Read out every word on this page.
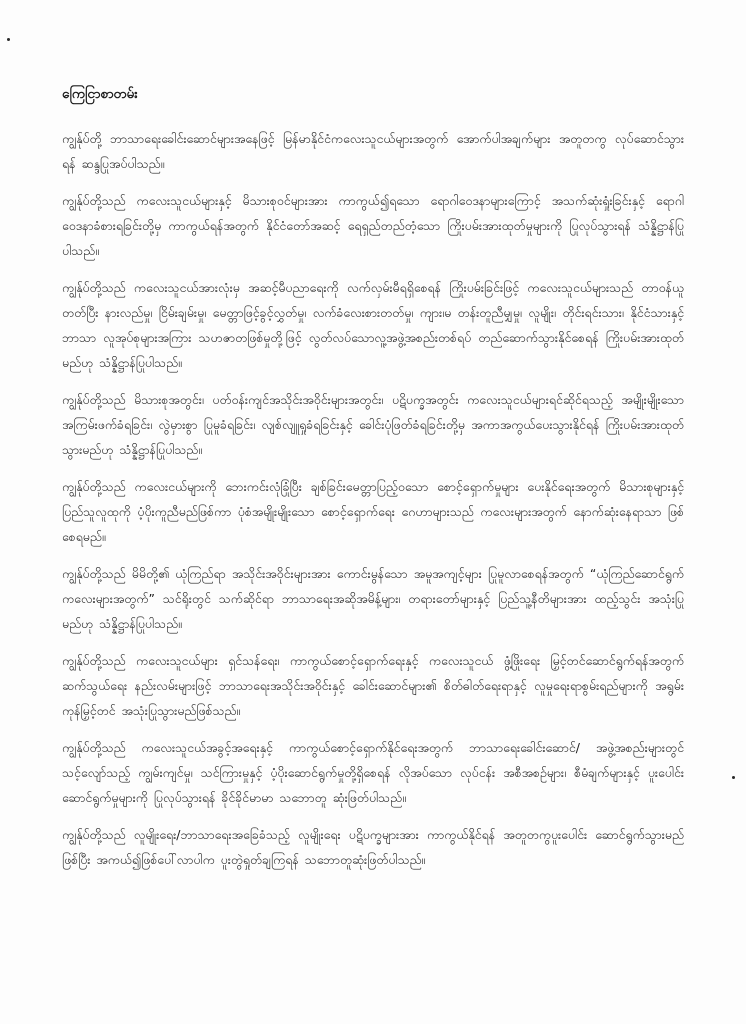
ကြေငြာစာတမ်း

ကျွန်ုပ်တို့ ဘာသာရေးခေါင်းဆောင်များအနေဖြင့် မြန်မာနိုင်ငံကလေးသူငယ်များအတွက် အောက်ပါအချက်များ အတူတကွ လုပ်ဆောင်သွားရန် ဆန္ဒပြုအပ်ပါသည်။

ကျွန်ုပ်တို့သည် ကလေးသူငယ်များနှင့် မိသားစုဝင်များအား ကာကွယ်၍ရသော ရောဂါဝေဒနာများကြောင့် အသက်ဆုံးရှုံးခြင်းနှင့် ရောဂါဝေဒနာခံစားရခြင်းတို့မှ ကာကွယ်ရန်အတွက် နိုင်ငံတော်အဆင့် ရေရှည်တည်တံ့သော ကြိုးပမ်းအားထုတ်မှုများကို ပြုလုပ်သွားရန် သံန္နိဋ္ဌာန်ပြုပါသည်။

ကျွန်ုပ်တို့သည် ကလေးသူငယ်အားလုံးမှ အဆင့်မီပညာရေးကို လက်လှမ်းမီရရှိစေရန် ကြိုးပမ်းခြင်းဖြင့် ကလေးသူငယ်များသည် တာဝန်ယူတတ်ပြီး နားလည်မှု၊ ငြိမ်းချမ်းမှု၊ မေတ္တာဖြင့်ခွင့်လွှတ်မှု၊ လက်ခံလေးစားတတ်မှု၊ ကျား၊မ တန်းတူညီမျှမှု၊ လူမျိုး၊ တိုင်းရင်းသား၊ နိုင်ငံသားနှင့် ဘာသာ လူအုပ်စုများအကြား သဟဇာတဖြစ်မှုတို့ဖြင့် လွတ်လပ်သောလူ့အဖွဲ့အစည်းတစ်ရပ် တည်ဆောက်သွားနိုင်စေရန် ကြိုးပမ်းအားထုတ်မည်ဟု သံန္နိဋ္ဌာန်ပြုပါသည်။

ကျွန်ုပ်တို့သည် မိသားစုအတွင်း၊ ပတ်ဝန်းကျင်အသိုင်းအဝိုင်းများအတွင်း၊ ပဋိပက္ခအတွင်း ကလေးသူငယ်များရင်ဆိုင်ရသည့် အမျိုးမျိုးသော အကြမ်းဖက်ခံရခြင်း၊ လွဲမှားစွာ ပြုမူခံရခြင်း၊ လျစ်လျူရှုခံရခြင်းနှင့် ခေါင်းပုံဖြတ်ခံရခြင်းတို့မှ အကာအကွယ်ပေးသွားနိုင်ရန် ကြိုးပမ်းအားထုတ်သွားမည်ဟု သံန္နိဋ္ဌာန်ပြုပါသည်။

ကျွန်ုပ်တို့သည် ကလေးငယ်များကို ဘေးကင်းလုံခြုံပြီး ချစ်ခြင်းမေတ္တာပြည့်ဝသော စောင့်ရှောက်မှုများ ပေးနိုင်ရေးအတွက် မိသားစုများနှင့် ပြည်သူလူထုကို ပံ့ပိုးကူညီမည်ဖြစ်ကာ ပုံစံအမျိုးမျိုးသော စောင့်ရှောက်ရေး ဂေဟာများသည် ကလေးများအတွက် နောက်ဆုံးနေရာသာ ဖြစ်စေရမည်။

ကျွန်ုပ်တို့သည် မိမိတို့၏ ယုံကြည်ရာ အသိုင်းအဝိုင်းများအား ကောင်းမွန်သော အမူအကျင့်များ ပြုမူလာစေရန်အတွက် “ယုံကြည်ဆောင်ရွက် ကလေးများအတွက်” သင်ရိုးတွင် သက်ဆိုင်ရာ ဘာသာရေးအဆိုအမိန့်များ၊ တရားတော်များနှင့် ပြည်သူ့နီတိများအား ထည့်သွင်း အသုံးပြုမည်ဟု သံန္နိဋ္ဌာန်ပြုပါသည်။

ကျွန်ုပ်တို့သည် ကလေးသူငယ်များ ရှင်သန်ရေး၊ ကာကွယ်စောင့်ရှောက်ရေးနှင့် ကလေးသူငယ် ဖွံ့ဖြိုးရေး မြှင့်တင်ဆောင်ရွက်ရန်အတွက် ဆက်သွယ်ရေး နည်းလမ်းများဖြင့် ဘာသာရေးအသိုင်းအဝိုင်းနှင့် ခေါင်းဆောင်များ၏ စိတ်ဓါတ်ရေးရာနှင့် လူမှုရေးရာစွမ်းရည်များကို အရွမ်းကုန်မြှင့်တင် အသုံးပြုသွားမည်ဖြစ်သည်။

ကျွန်ုပ်တို့သည် ကလေးသူငယ်အခွင့်အရေးနှင့် ကာကွယ်စောင့်ရှောက်နိုင်ရေးအတွက် ဘာသာရေးခေါင်းဆောင်/ အဖွဲ့အစည်းများတွင် သင့်လျော်သည့် ကျွမ်းကျင်မှု၊ သင်ကြားမှုနှင့် ပံ့ပိုးဆောင်ရွက်မှုတို့ရှိစေရန် လိုအပ်သော လုပ်ငန်း အစီအစဉ်များ၊ စီမံချက်များနှင့် ပူးပေါင်းဆောင်ရွက်မှုများကို ပြုလုပ်သွားရန် ခိုင်ခိုင်မာမာ သဘောတူ ဆုံးဖြတ်ပါသည်။

ကျွန်ုပ်တို့သည် လူမျိုးရေး/ဘာသာရေးအခြေခံသည့် လူမျိုးရေး ပဋိပက္ခများအား ကာကွယ်နိုင်ရန် အတူတကွပူးပေါင်း ဆောင်ရွက်သွားမည်ဖြစ်ပြီး အကယ်၍ဖြစ်ပေါ်လာပါက ပူးတွဲရှုတ်ချကြရန် သဘောတူဆုံးဖြတ်ပါသည်။
